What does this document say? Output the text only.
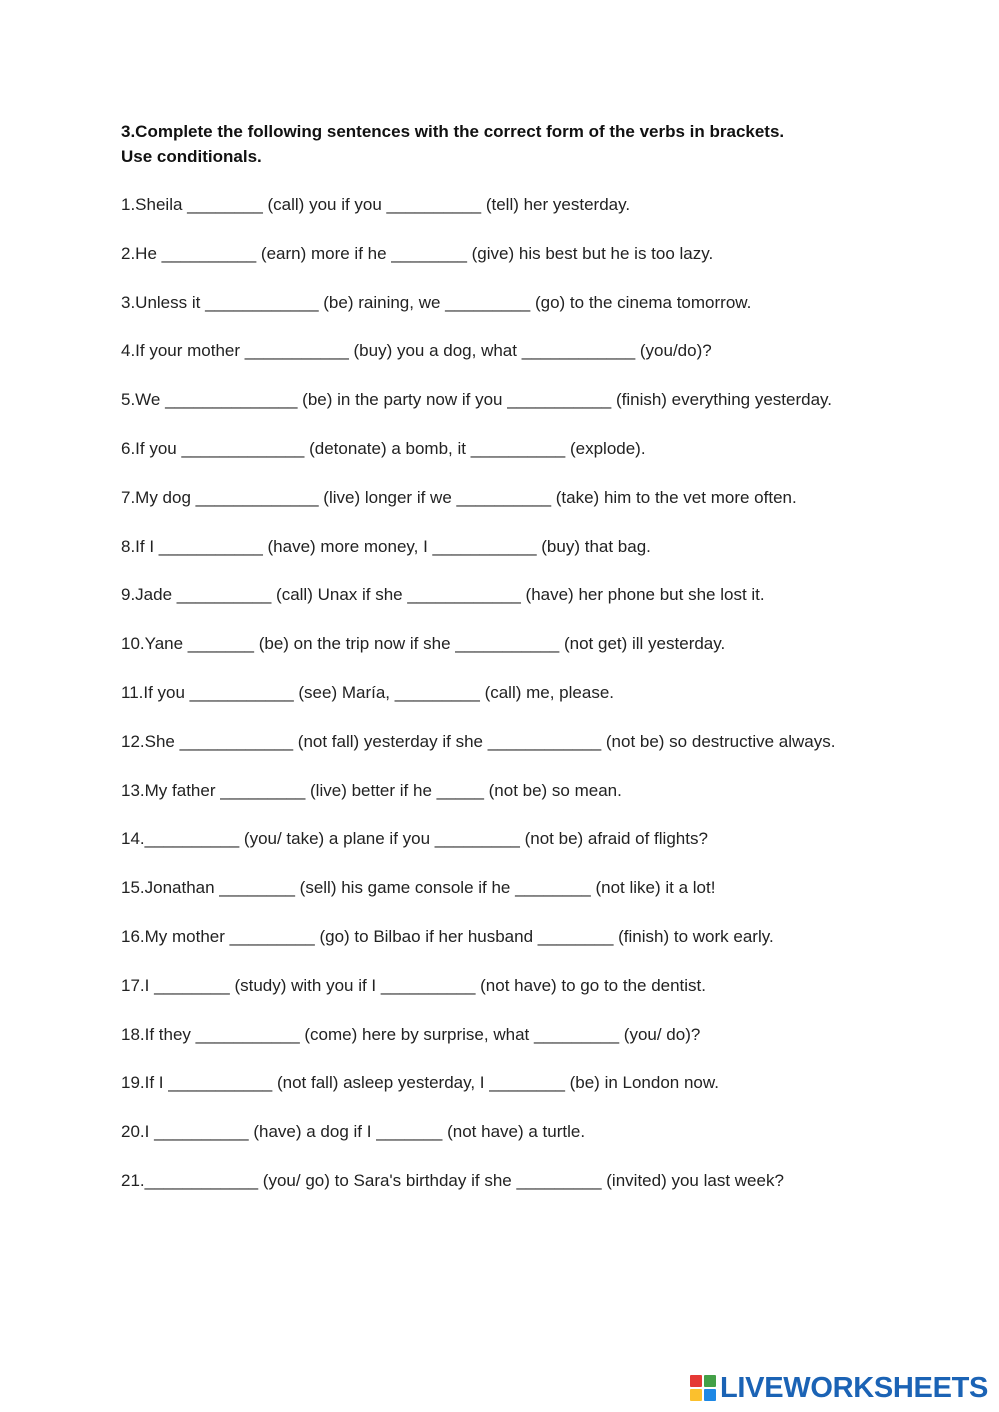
3.Complete the following sentences with the correct form of the verbs in brackets.
Use conditionals.
1.Sheila ________ (call) you if you __________ (tell) her yesterday.
2.He __________ (earn) more if he ________ (give) his best but he is too lazy.
3.Unless it ____________ (be) raining, we _________ (go) to the cinema tomorrow.
4.If your mother ___________ (buy) you a dog, what ____________ (you/do)?
5.We ______________ (be) in the party now if you ___________ (finish) everything yesterday.
6.If you _____________ (detonate) a bomb, it __________ (explode).
7.My dog _____________ (live) longer if we __________ (take) him to the vet more often.
8.If I ___________ (have) more money, I ___________ (buy) that bag.
9.Jade __________ (call) Unax if she ____________ (have) her phone but she lost it.
10.Yane _______ (be) on the trip now if she ___________ (not get) ill yesterday.
11.If you ___________ (see) María, _________ (call) me, please.
12.She ____________ (not fall) yesterday if she ____________ (not be) so destructive always.
13.My father _________ (live) better if he _____ (not be) so mean.
14.__________ (you/ take) a plane if you _________ (not be) afraid of flights?
15.Jonathan ________ (sell) his game console if he ________ (not like) it a lot!
16.My mother _________ (go) to Bilbao if her husband ________ (finish) to work early.
17.I ________ (study) with you if I __________ (not have) to go to the dentist.
18.If they ___________ (come) here by surprise, what _________ (you/ do)?
19.If I ___________ (not fall) asleep yesterday, I ________ (be) in London now.
20.I __________ (have) a dog if I _______ (not have) a turtle.
21.____________ (you/ go) to Sara's birthday if she _________ (invited) you last week?
LIVEWORKSHEETS
